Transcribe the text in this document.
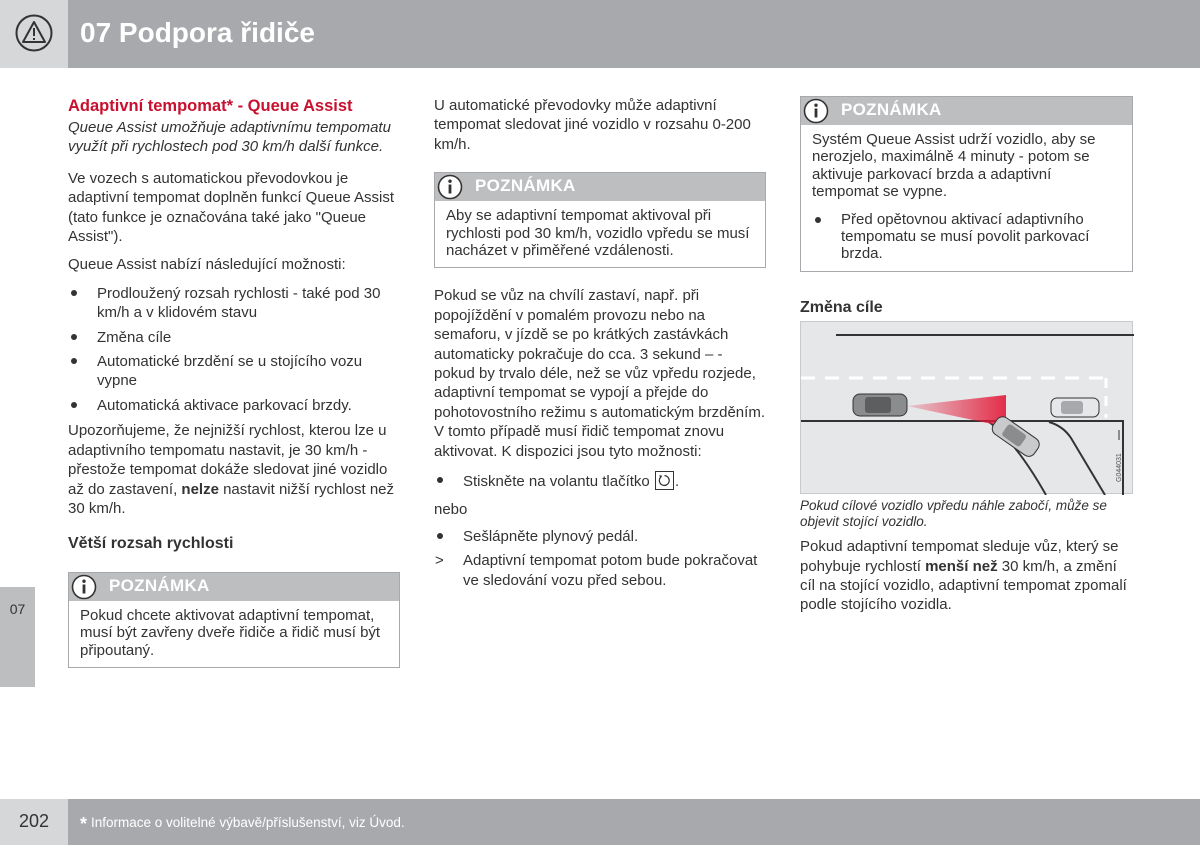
07 Podpora řidiče
07
Adaptivní tempomat* - Queue Assist
Queue Assist umožňuje adaptivnímu tempomatu využít při rychlostech pod 30 km/h další funkce.

Ve vozech s automatickou převodovkou je adaptivní tempomat doplněn funkcí Queue Assist (tato funkce je označována také jako "Queue Assist").

Queue Assist nabízí následující možnosti:

Prodloužený rozsah rychlosti - také pod 30 km/h a v klidovém stavu
Změna cíle
Automatické brzdění se u stojícího vozu vypne
Automatická aktivace parkovací brzdy.

Upozorňujeme, že nejnižší rychlost, kterou lze u adaptivního tempomatu nastavit, je 30 km/h - přestože tempomat dokáže sledovat jiné vozidlo až do zastavení, nelze nastavit nižší rychlost než 30 km/h.

Větší rozsah rychlosti
POZNÁMKA
Pokud chcete aktivovat adaptivní tempomat, musí být zavřeny dveře řidiče a řidič musí být připoutaný.

U automatické převodovky může adaptivní tempomat sledovat jiné vozidlo v rozsahu 0-200 km/h.

POZNÁMKA
Aby se adaptivní tempomat aktivoval při rychlosti pod 30 km/h, vozidlo vpředu se musí nacházet v přiměřené vzdálenosti.

Pokud se vůz na chvílí zastaví, např. při popojíždění v pomalém provozu nebo na semaforu, v jízdě se po krátkých zastávkách automaticky pokračuje do cca. 3 sekund – - pokud by trvalo déle, než se vůz vpředu rozjede, adaptivní tempomat se vypojí a přejde do pohotovostního režimu s automatickým brzděním. V tomto případě musí řidič tempomat znovu aktivovat. K dispozici jsou tyto možnosti:

Stiskněte na volantu tlačítko .

nebo

Sešlápněte plynový pedál.
> Adaptivní tempomat potom bude pokračovat ve sledování vozu před sebou.
POZNÁMKA
Systém Queue Assist udrží vozidlo, aby se nerozjelo, maximálně 4 minuty - potom se aktivuje parkovací brzda a adaptivní tempomat se vypne.
Před opětovnou aktivací adaptivního tempomatu se musí povolit parkovací brzda.
Změna cíle
G044031
Pokud cílové vozidlo vpředu náhle zabočí, může se objevit stojící vozidlo.

Pokud adaptivní tempomat sleduje vůz, který se pohybuje rychlostí menší než 30 km/h, a změní cíl na stojící vozidlo, adaptivní tempomat zpomalí podle stojícího vozidla.

202	* Informace o volitelné výbavě/příslušenství, viz Úvod.
